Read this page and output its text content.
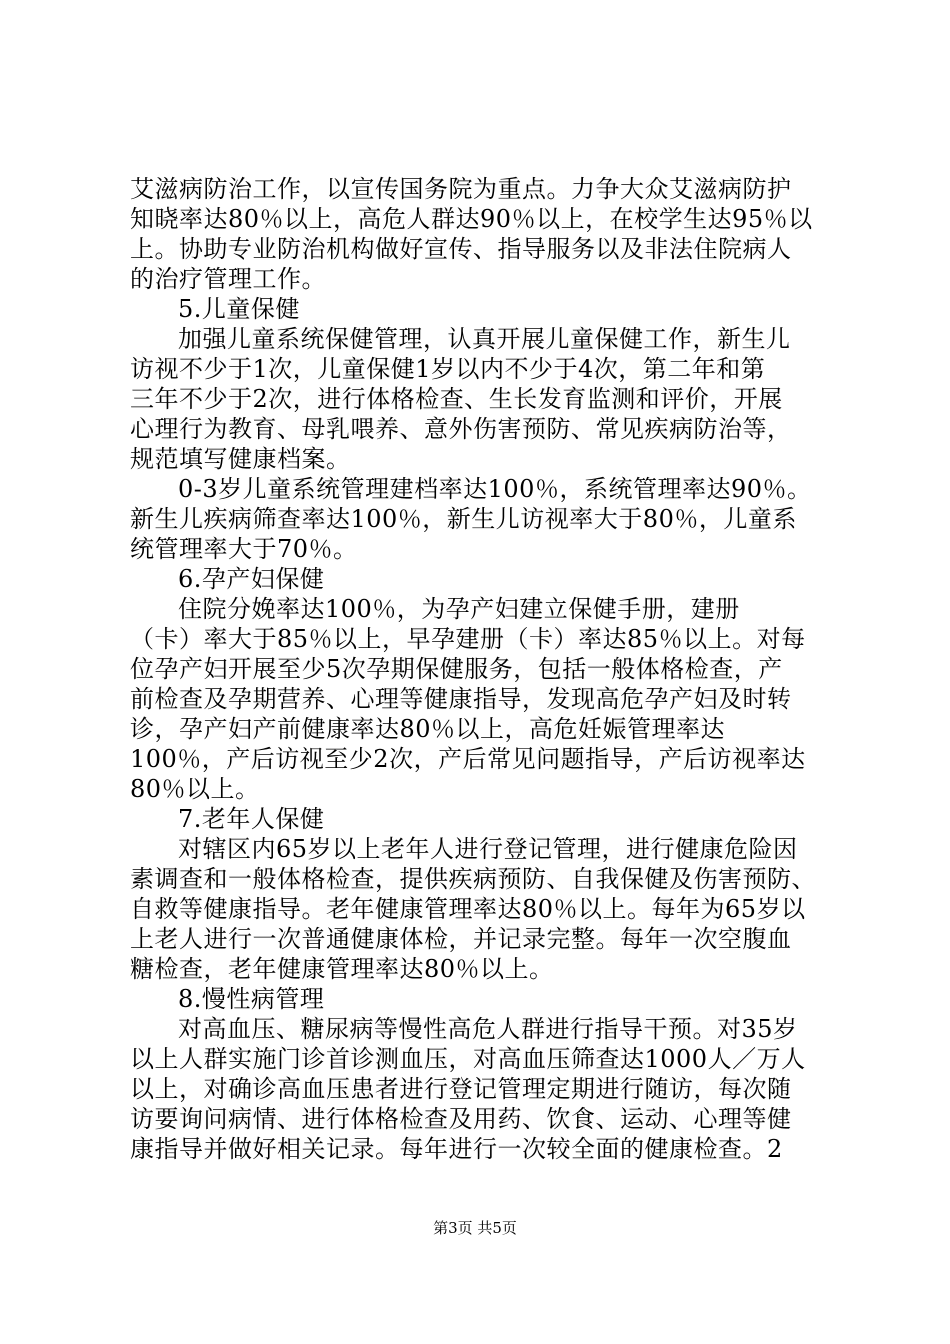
艾滋病防治工作，以宣传国务院为重点。力争大众艾滋病防护
知晓率达80％以上，高危人群达90％以上，在校学生达95％以
上。协助专业防治机构做好宣传、指导服务以及非法住院病人
的治疗管理工作。
5.儿童保健
加强儿童系统保健管理，认真开展儿童保健工作，新生儿
访视不少于1次，儿童保健1岁以内不少于4次，第二年和第
三年不少于2次，进行体格检查、生长发育监测和评价，开展
心理行为教育、母乳喂养、意外伤害预防、常见疾病防治等，
规范填写健康档案。
0-3岁儿童系统管理建档率达100％，系统管理率达90％。
新生儿疾病筛查率达100％，新生儿访视率大于80％，儿童系
统管理率大于70％。
6.孕产妇保健
住院分娩率达100％，为孕产妇建立保健手册，建册
（卡）率大于85％以上，早孕建册（卡）率达85％以上。对每
位孕产妇开展至少5次孕期保健服务，包括一般体格检查，产
前检查及孕期营养、心理等健康指导，发现高危孕产妇及时转
诊，孕产妇产前健康率达80％以上，高危妊娠管理率达
100％，产后访视至少2次，产后常见问题指导，产后访视率达
80％以上。
7.老年人保健
对辖区内65岁以上老年人进行登记管理，进行健康危险因
素调查和一般体格检查，提供疾病预防、自我保健及伤害预防、
自救等健康指导。老年健康管理率达80％以上。每年为65岁以
上老人进行一次普通健康体检，并记录完整。每年一次空腹血
糖检查，老年健康管理率达80％以上。
8.慢性病管理
对高血压、糖尿病等慢性高危人群进行指导干预。对35岁
以上人群实施门诊首诊测血压，对高血压筛查达1000人／万人
以上，对确诊高血压患者进行登记管理定期进行随访，每次随
访要询问病情、进行体格检查及用药、饮食、运动、心理等健
康指导并做好相关记录。每年进行一次较全面的健康检查。2
第3页 共5页
